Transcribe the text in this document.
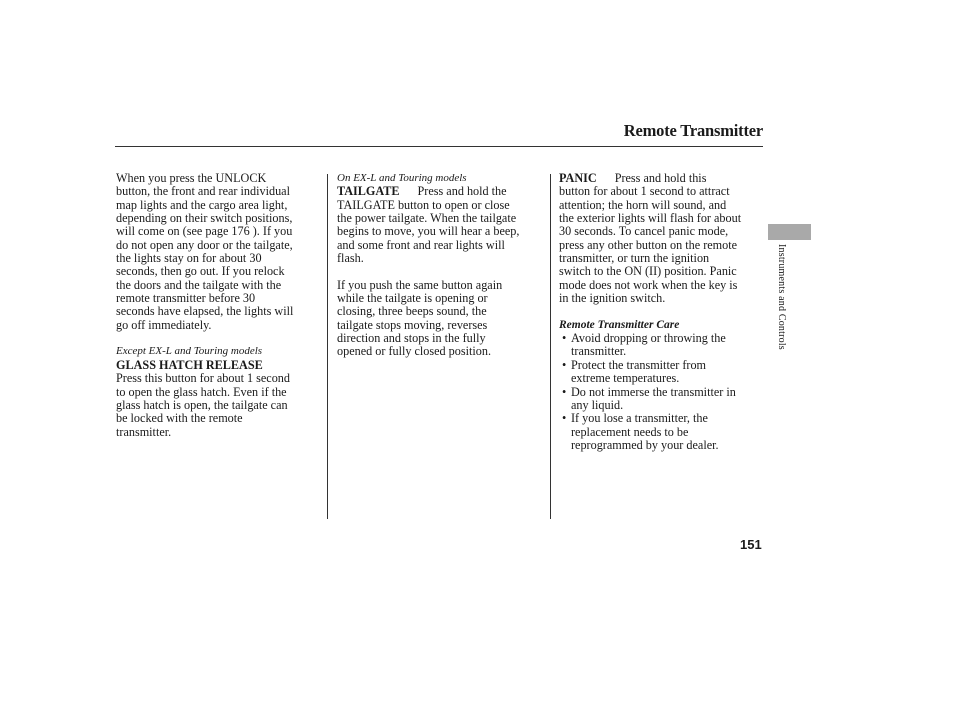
Remote Transmitter

When you press the UNLOCK

button, the front and rear individual

map lights and the cargo area light,

depending on their switch positions,

will come on (see page 176 ). If you

do not open any door or the tailgate,

the lights stay on for about 30

seconds, then go out. If you relock

the doors and the tailgate with the

remote transmitter before 30

seconds have elapsed, the lights will

go off immediately.

Except EX-L and Touring models

GLASS HATCH RELEASE

Press this button for about 1 second

to open the glass hatch. Even if the

glass hatch is open, the tailgate can

be locked with the remote

transmitter.

On EX-L and Touring models

TAILGATE Press and hold the

TAILGATE button to open or close

the power tailgate. When the tailgate

begins to move, you will hear a beep,

and some front and rear lights will

flash.

If you push the same button again

while the tailgate is opening or

closing, three beeps sound, the

tailgate stops moving, reverses

direction and stops in the fully

opened or fully closed position.

PANIC Press and hold this

button for about 1 second to attract

attention; the horn will sound, and

the exterior lights will flash for about

30 seconds. To cancel panic mode,

press any other button on the remote

transmitter, or turn the ignition

switch to the ON (II) position. Panic

mode does not work when the key is

in the ignition switch.

Remote Transmitter Care

• Avoid dropping or throwing the

transmitter.

• Protect the transmitter from

extreme temperatures.

• Do not immerse the transmitter in

any liquid.

• If you lose a transmitter, the

replacement needs to be

reprogrammed by your dealer.

Instruments and Controls
151
